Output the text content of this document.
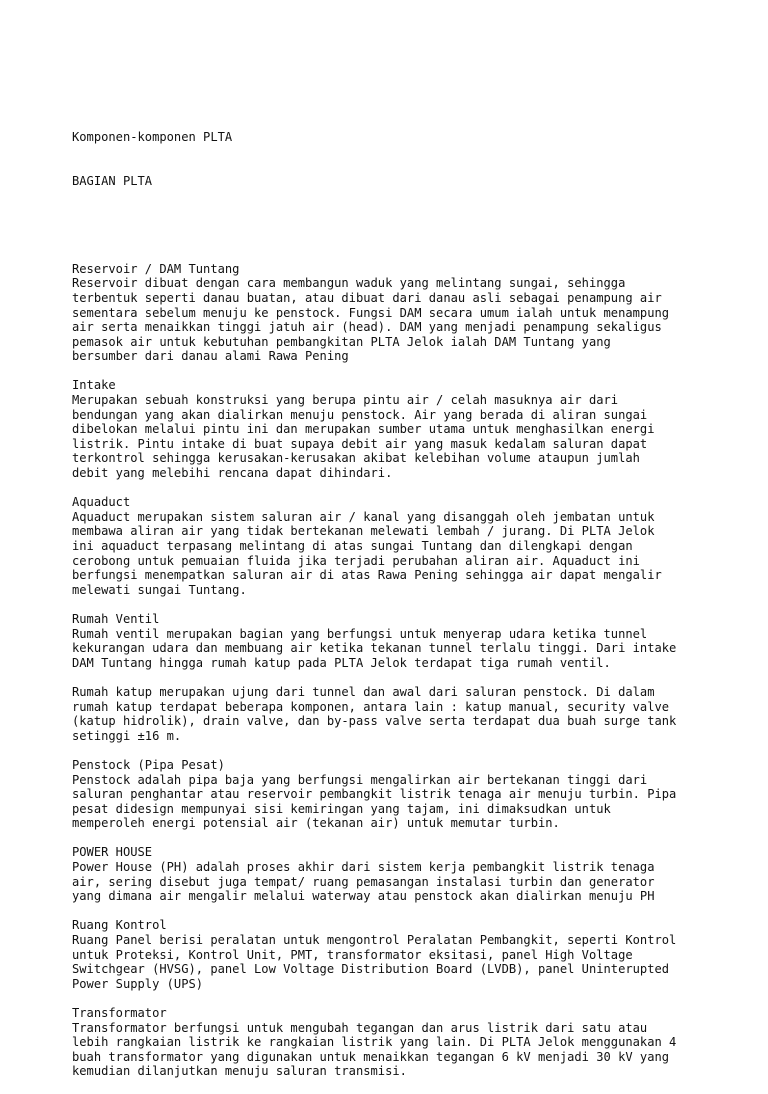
Komponen-komponen PLTA

BAGIAN PLTA

Reservoir / DAM Tuntang
Reservoir dibuat dengan cara membangun waduk yang melintang sungai, sehingga
terbentuk seperti danau buatan, atau dibuat dari danau asli sebagai penampung air
sementara sebelum menuju ke penstock. Fungsi DAM secara umum ialah untuk menampung
air serta menaikkan tinggi jatuh air (head). DAM yang menjadi penampung sekaligus
pemasok air untuk kebutuhan pembangkitan PLTA Jelok ialah DAM Tuntang yang
bersumber dari danau alami Rawa Pening
Intake
Merupakan sebuah konstruksi yang berupa pintu air / celah masuknya air dari
bendungan yang akan dialirkan menuju penstock. Air yang berada di aliran sungai
dibelokan melalui pintu ini dan merupakan sumber utama untuk menghasilkan energi
listrik. Pintu intake di buat supaya debit air yang masuk kedalam saluran dapat
terkontrol sehingga kerusakan-kerusakan akibat kelebihan volume ataupun jumlah
debit yang melebihi rencana dapat dihindari.
Aquaduct
Aquaduct merupakan sistem saluran air / kanal yang disanggah oleh jembatan untuk
membawa aliran air yang tidak bertekanan melewati lembah / jurang. Di PLTA Jelok
ini aquaduct terpasang melintang di atas sungai Tuntang dan dilengkapi dengan
cerobong untuk pemuaian fluida jika terjadi perubahan aliran air. Aquaduct ini
berfungsi menempatkan saluran air di atas Rawa Pening sehingga air dapat mengalir
melewati sungai Tuntang.
Rumah Ventil
Rumah ventil merupakan bagian yang berfungsi untuk menyerap udara ketika tunnel
kekurangan udara dan membuang air ketika tekanan tunnel terlalu tinggi. Dari intake
DAM Tuntang hingga rumah katup pada PLTA Jelok terdapat tiga rumah ventil.
Rumah katup merupakan ujung dari tunnel dan awal dari saluran penstock. Di dalam
rumah katup terdapat beberapa komponen, antara lain : katup manual, security valve
(katup hidrolik), drain valve, dan by-pass valve serta terdapat dua buah surge tank
setinggi ±16 m.
Penstock (Pipa Pesat)
Penstock adalah pipa baja yang berfungsi mengalirkan air bertekanan tinggi dari
saluran penghantar atau reservoir pembangkit listrik tenaga air menuju turbin. Pipa
pesat didesign mempunyai sisi kemiringan yang tajam, ini dimaksudkan untuk
memperoleh energi potensial air (tekanan air) untuk memutar turbin.
POWER HOUSE
Power House (PH) adalah proses akhir dari sistem kerja pembangkit listrik tenaga
air, sering disebut juga tempat/ ruang pemasangan instalasi turbin dan generator
yang dimana air mengalir melalui waterway atau penstock akan dialirkan menuju PH
Ruang Kontrol
Ruang Panel berisi peralatan untuk mengontrol Peralatan Pembangkit, seperti Kontrol
untuk Proteksi, Kontrol Unit, PMT, transformator eksitasi, panel High Voltage
Switchgear (HVSG), panel Low Voltage Distribution Board (LVDB), panel Uninterupted
Power Supply (UPS)
Transformator
Transformator berfungsi untuk mengubah tegangan dan arus listrik dari satu atau
lebih rangkaian listrik ke rangkaian listrik yang lain. Di PLTA Jelok menggunakan 4
buah transformator yang digunakan untuk menaikkan tegangan 6 kV menjadi 30 kV yang
kemudian dilanjutkan menuju saluran transmisi.
